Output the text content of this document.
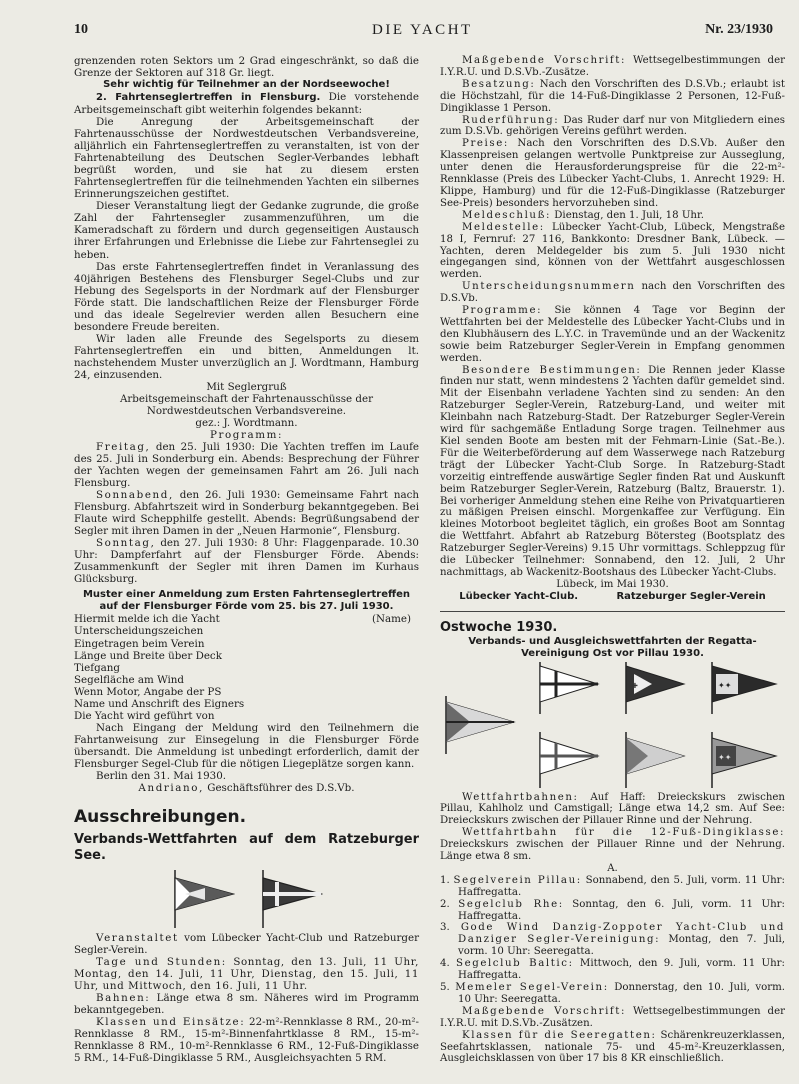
10	DIE YACHT	Nr. 23/1930

grenzenden roten Sektors um 2 Grad eingeschränkt, so daß die Grenze der Sektoren auf 318 Gr. liegt.

Sehr wichtig für Teilnehmer an der Nordseewoche!

2. Fahrtenseglertreffen in Flensburg. Die vorstehende Arbeitsgemeinschaft gibt weiterhin folgendes bekannt:

Die Anregung der Arbeitsgemeinschaft der Fahrtenausschüsse der Nordwestdeutschen Verbandsvereine, alljährlich ein Fahrtenseglertreffen zu veranstalten, ist von der Fahrtenabteilung des Deutschen Segler-Verbandes lebhaft begrüßt worden, und sie hat zu diesem ersten Fahrtenseglertreffen für die teilnehmenden Yachten ein silbernes Erinnerungszeichen gestiftet.

Dieser Veranstaltung liegt der Gedanke zugrunde, die große Zahl der Fahrtensegler zusammenzuführen, um die Kameradschaft zu fördern und durch gegenseitigen Austausch ihrer Erfahrungen und Erlebnisse die Liebe zur Fahrtenseglei zu heben.

Das erste Fahrtenseglertreffen findet in Veranlassung des 40jährigen Bestehens des Flensburger Segel-Clubs und zur Hebung des Segelsports in der Nordmark auf der Flensburger Förde statt. Die landschaftlichen Reize der Flensburger Förde und das ideale Segelrevier werden allen Besuchern eine besondere Freude bereiten.

Wir laden alle Freunde des Segelsports zu diesem Fahrtenseglertreffen ein und bitten, Anmeldungen lt. nachstehendem Muster unverzüglich an J. Wordtmann, Hamburg 24, einzusenden.

Mit Seglergruß

Arbeitsgemeinschaft der Fahrtenausschüsse der Nordwestdeutschen Verbandsvereine.

gez.: J. Wordtmann.

Programm:

Freitag, den 25. Juli 1930: Die Yachten treffen im Laufe des 25. Juli in Sonderburg ein. Abends: Besprechung der Führer der Yachten wegen der gemeinsamen Fahrt am 26. Juli nach Flensburg.

Sonnabend, den 26. Juli 1930: Gemeinsame Fahrt nach Flensburg. Abfahrtszeit wird in Sonderburg bekanntgegeben. Bei Flaute wird Schepphilfe gestellt. Abends: Begrüßungsabend der Segler mit ihren Damen in der „Neuen Harmonie“, Flensburg.

Sonntag, den 27. Juli 1930: 8 Uhr: Flaggenparade. 10.30 Uhr: Dampferfahrt auf der Flensburger Förde. Abends: Zusammenkunft der Segler mit ihren Damen im Kurhaus Glücksburg.

Muster einer Anmeldung zum Ersten Fahrtenseglertreffen auf der Flensburger Förde vom 25. bis 27. Juli 1930.

Hiermit melde ich die Yacht	(Name)

Unterscheidungszeichen

Eingetragen beim Verein

Länge und Breite über Deck

Tiefgang

Segelfläche am Wind

Wenn Motor, Angabe der PS

Name und Anschrift des Eigners

Die Yacht wird geführt von

Nach Eingang der Meldung wird den Teilnehmern die Fahrtanweisung zur Einsegelung in die Flensburger Förde übersandt. Die Anmeldung ist unbedingt erforderlich, damit der Flensburger Segel-Club für die nötigen Liegeplätze sorgen kann.

Berlin den 31. Mai 1930.

Andriano, Geschäftsführer des D.S.Vb.

Ausschreibungen.

Verbands-Wettfahrten auf dem Ratzeburger See.

Veranstaltet vom Lübecker Yacht-Club und Ratzeburger Segler-Verein.

Tage und Stunden: Sonntag, den 13. Juli, 11 Uhr, Montag, den 14. Juli, 11 Uhr, Dienstag, den 15. Juli, 11 Uhr, und Mittwoch, den 16. Juli, 11 Uhr.

Bahnen: Länge etwa 8 sm. Näheres wird im Programm bekanntgegeben.

Klassen und Einsätze: 22-m²-Rennklasse 8 RM., 20-m²-Rennklasse 8 RM., 15-m²-Binnenfahrtklasse 8 RM., 15-m²-Rennklasse 8 RM., 10-m²-Rennklasse 6 RM., 12-Fuß-Dingiklasse 5 RM., 14-Fuß-Dingiklasse 5 RM., Ausgleichsyachten 5 RM.

Maßgebende Vorschrift: Wettsegelbestimmungen der I.Y.R.U. und D.S.Vb.-Zusätze.

Besatzung: Nach den Vorschriften des D.S.Vb.; erlaubt ist die Höchstzahl, für die 14-Fuß-Dingiklasse 2 Personen, 12-Fuß-Dingiklasse 1 Person.

Ruderführung: Das Ruder darf nur von Mitgliedern eines zum D.S.Vb. gehörigen Vereins geführt werden.

Preise: Nach den Vorschriften des D.S.Vb. Außer den Klassenpreisen gelangen wertvolle Punktpreise zur Ausseglung, unter denen die Herausforderungspreise für die 22-m²-Rennklasse (Preis des Lübecker Yacht-Clubs, 1. Anrecht 1929: H. Klippe, Hamburg) und für die 12-Fuß-Dingiklasse (Ratzeburger See-Preis) besonders hervorzuheben sind.

Meldeschluß: Dienstag, den 1. Juli, 18 Uhr.

Meldestelle: Lübecker Yacht-Club, Lübeck, Mengstraße 18 I, Fernruf: 27 116, Bankkonto: Dresdner Bank, Lübeck. — Yachten, deren Meldegelder bis zum 5. Juli 1930 nicht eingegangen sind, können von der Wettfahrt ausgeschlossen werden.

Unterscheidungsnummern nach den Vorschriften des D.S.Vb.

Programme: Sie können 4 Tage vor Beginn der Wettfahrten bei der Meldestelle des Lübecker Yacht-Clubs und in den Klubhäusern des L.Y.C. in Travemünde und an der Wackenitz sowie beim Ratzeburger Segler-Verein in Empfang genommen werden.

Besondere Bestimmungen: Die Rennen jeder Klasse finden nur statt, wenn mindestens 2 Yachten dafür gemeldet sind. Mit der Eisenbahn verladene Yachten sind zu senden: An den Ratzeburger Segler-Verein, Ratzeburg-Land, und weiter mit Kleinbahn nach Ratzeburg-Stadt. Der Ratzeburger Segler-Verein wird für sachgemäße Entladung Sorge tragen. Teilnehmer aus Kiel senden Boote am besten mit der Fehmarn-Linie (Sat.-Be.). Für die Weiterbeförderung auf dem Wasserwege nach Ratzeburg trägt der Lübecker Yacht-Club Sorge. In Ratzeburg-Stadt vorzeitig eintreffende auswärtige Segler finden Rat und Auskunft beim Ratzeburger Segler-Verein, Ratzeburg (Baltz, Brauerstr. 1). Bei vorheriger Anmeldung stehen eine Reihe von Privatquartieren zu mäßigen Preisen einschl. Morgenkaffee zur Verfügung. Ein kleines Motorboot begleitet täglich, ein großes Boot am Sonntag die Wettfahrt. Abfahrt ab Ratzeburg Bötersteg (Bootsplatz des Ratzeburger Segler-Vereins) 9.15 Uhr vormittags. Schleppzug für die Lübecker Teilnehmer: Sonnabend, den 12. Juli, 2 Uhr nachmittags, ab Wackenitz-Bootshaus des Lübecker Yacht-Clubs.

Lübeck, im Mai 1930.

Lübecker Yacht-Club.	Ratzeburger Segler-Verein

Ostwoche 1930.

Verbands- und Ausgleichswettfahrten der Regatta-Vereinigung Ost vor Pillau 1930.

✚	✦✦
✦✦

Wettfahrtbahnen: Auf Haff: Dreieckskurs zwischen Pillau, Kahlholz und Camstigall; Länge etwa 14,2 sm. Auf See: Dreieckskurs zwischen der Pillauer Rinne und der Nehrung.

Wettfahrtbahn für die 12-Fuß-Dingiklasse: Dreieckskurs zwischen der Pillauer Rinne und der Nehrung. Länge etwa 8 sm.

A.

1. Segelverein Pillau: Sonnabend, den 5. Juli, vorm. 11 Uhr: Haffregatta.

2. Segelclub Rhe: Sonntag, den 6. Juli, vorm. 11 Uhr: Haffregatta.

3. Gode Wind Danzig-Zoppoter Yacht-Club und Danziger Segler-Vereinigung: Montag, den 7. Juli, vorm. 10 Uhr: Seeregatta.

4. Segelclub Baltic: Mittwoch, den 9. Juli, vorm. 11 Uhr: Haffregatta.

5. Memeler Segel-Verein: Donnerstag, den 10. Juli, vorm. 10 Uhr: Seeregatta.

Maßgebende Vorschrift: Wettsegelbestimmungen der I.Y.R.U. mit D.S.Vb.-Zusätzen.

Klassen für die Seeregatten: Schärenkreuzerklassen, Seefahrtsklassen, nationale 75- und 45-m²-Kreuzerklassen, Ausgleichsklassen von über 17 bis 8 KR einschließlich.
